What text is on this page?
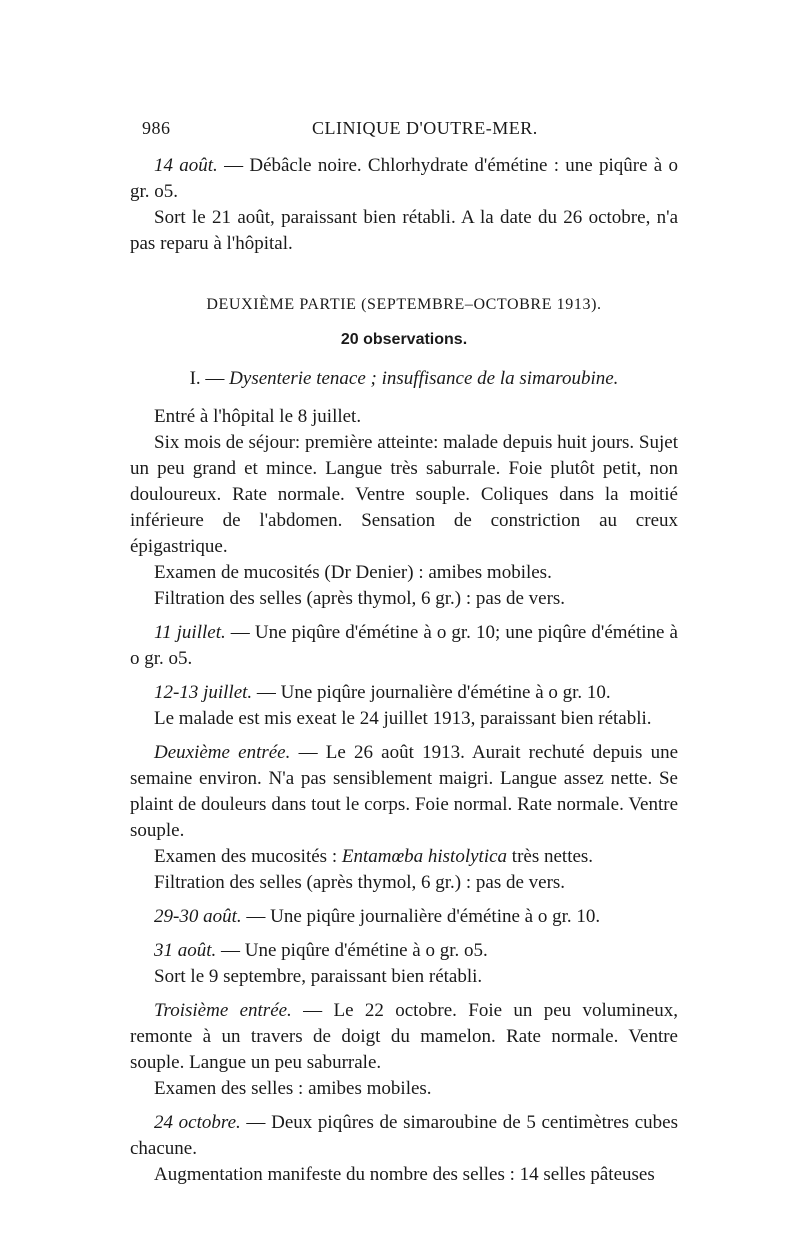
986	CLINIQUE D'OUTRE-MER.

14 août. — Débâcle noire. Chlorhydrate d'émétine : une piqûre à o gr. o5.

Sort le 21 août, paraissant bien rétabli. A la date du 26 octobre, n'a pas reparu à l'hôpital.

DEUXIÈME PARTIE (SEPTEMBRE–OCTOBRE 1913).
20 observations.
I. — Dysenterie tenace ; insuffisance de la simaroubine.

Entré à l'hôpital le 8 juillet.

Six mois de séjour: première atteinte: malade depuis huit jours. Sujet un peu grand et mince. Langue très saburrale. Foie plutôt petit, non douloureux. Rate normale. Ventre souple. Coliques dans la moitié inférieure de l'abdomen. Sensation de constriction au creux épigastrique.

Examen de mucosités (Dr Denier) : amibes mobiles.

Filtration des selles (après thymol, 6 gr.) : pas de vers.

11 juillet. — Une piqûre d'émétine à o gr. 10; une piqûre d'émétine à o gr. o5.

12-13 juillet. — Une piqûre journalière d'émétine à o gr. 10.

Le malade est mis exeat le 24 juillet 1913, paraissant bien rétabli.

Deuxième entrée. — Le 26 août 1913. Aurait rechuté depuis une semaine environ. N'a pas sensiblement maigri. Langue assez nette. Se plaint de douleurs dans tout le corps. Foie normal. Rate normale. Ventre souple.

Examen des mucosités : Entamœba histolytica très nettes.

Filtration des selles (après thymol, 6 gr.) : pas de vers.

29-30 août. — Une piqûre journalière d'émétine à o gr. 10.

31 août. — Une piqûre d'émétine à o gr. o5.

Sort le 9 septembre, paraissant bien rétabli.

Troisième entrée. — Le 22 octobre. Foie un peu volumineux, remonte à un travers de doigt du mamelon. Rate normale. Ventre souple. Langue un peu saburrale.

Examen des selles : amibes mobiles.

24 octobre. — Deux piqûres de simaroubine de 5 centimètres cubes chacune.

Augmentation manifeste du nombre des selles : 14 selles pâteuses
